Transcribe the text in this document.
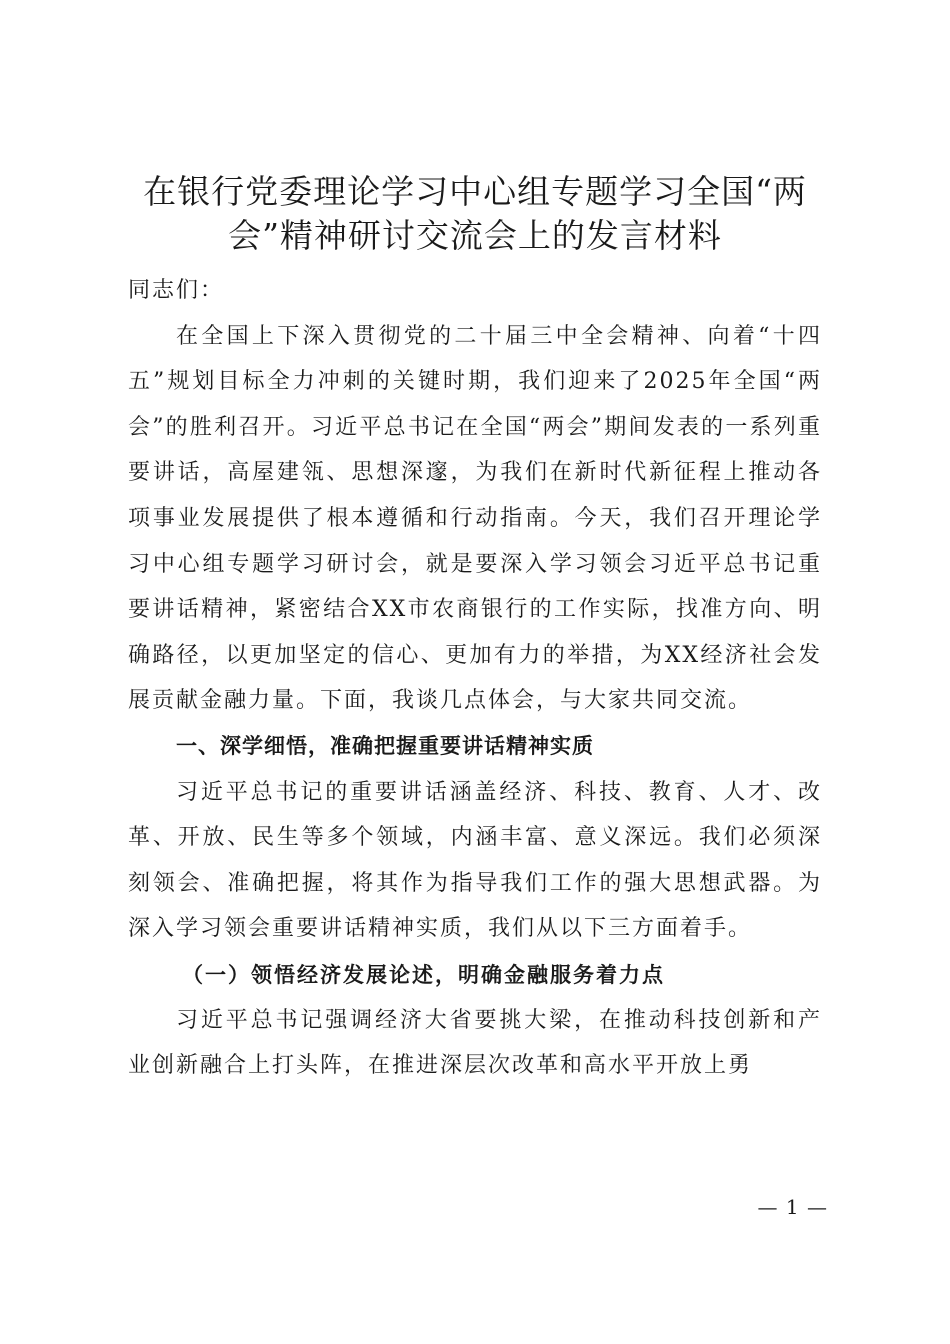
在银行党委理论学习中心组专题学习全国“两会”精神研讨交流会上的发言材料

同志们：

在全国上下深入贯彻党的二十届三中全会精神、向着“十四五”规划目标全力冲刺的关键时期，我们迎来了2025年全国“两会”的胜利召开。习近平总书记在全国“两会”期间发表的一系列重要讲话，高屋建瓴、思想深邃，为我们在新时代新征程上推动各项事业发展提供了根本遵循和行动指南。今天，我们召开理论学习中心组专题学习研讨会，就是要深入学习领会习近平总书记重要讲话精神，紧密结合XX市农商银行的工作实际，找准方向、明确路径，以更加坚定的信心、更加有力的举措，为XX经济社会发展贡献金融力量。下面，我谈几点体会，与大家共同交流。

一、深学细悟，准确把握重要讲话精神实质

习近平总书记的重要讲话涵盖经济、科技、教育、人才、改革、开放、民生等多个领域，内涵丰富、意义深远。我们必须深刻领会、准确把握，将其作为指导我们工作的强大思想武器。为深入学习领会重要讲话精神实质，我们从以下三方面着手。

（一）领悟经济发展论述，明确金融服务着力点

习近平总书记强调经济大省要挑大梁，在推动科技创新和产业创新融合上打头阵，在推进深层次改革和高水平开放上勇

— 1 —
